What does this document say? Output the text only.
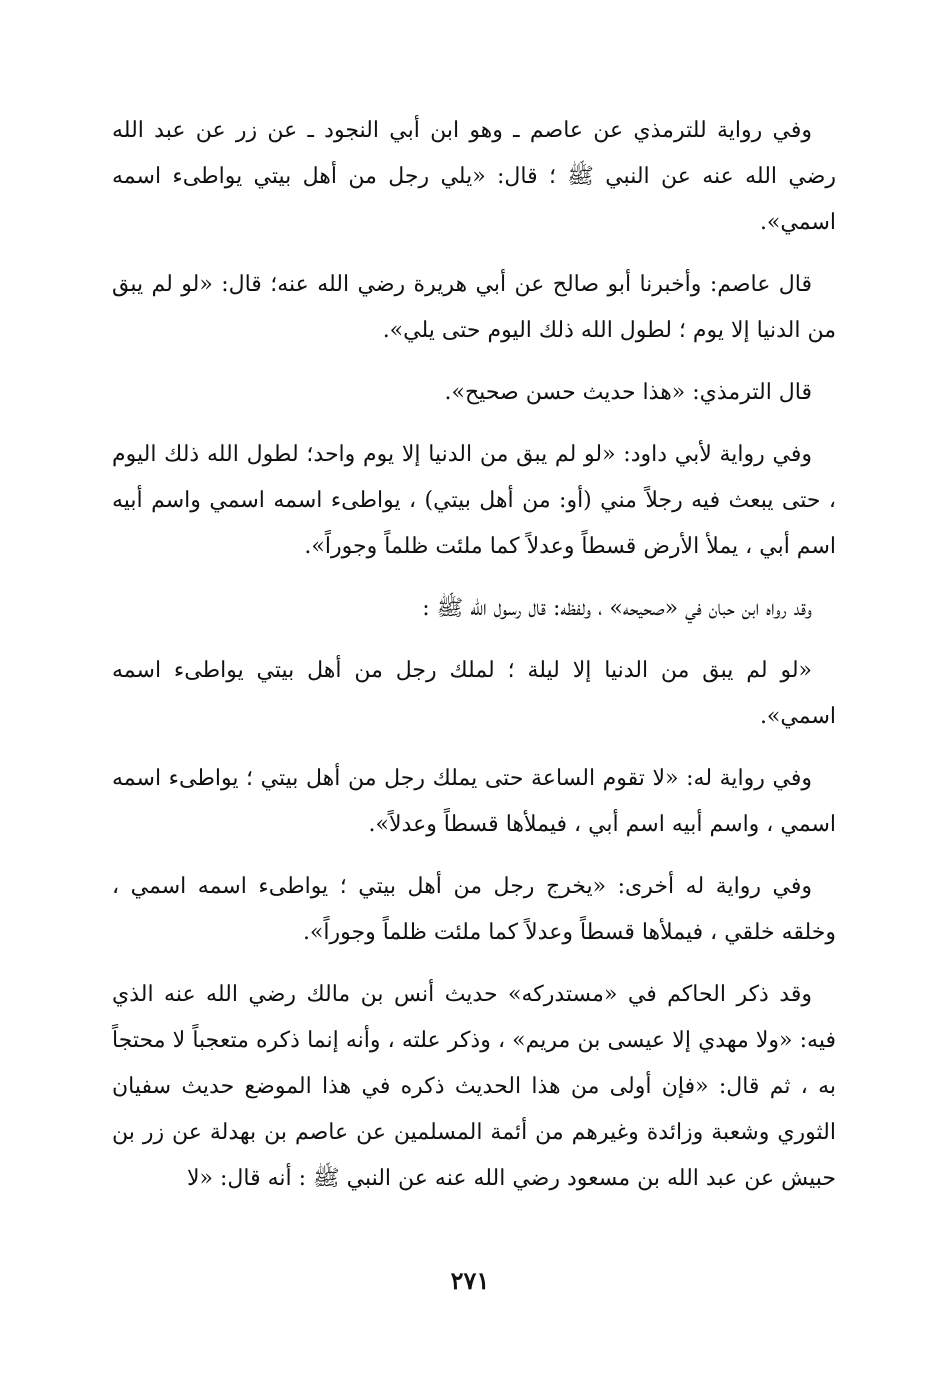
وفي رواية للترمذي عن عاصم ـ وهو ابن أبي النجود ـ عن زر عن عبد الله رضي الله عنه عن النبي ﷺ ؛ قال: «يلي رجل من أهل بيتي يواطىء اسمه اسمي».

قال عاصم: وأخبرنا أبو صالح عن أبي هريرة رضي الله عنه؛ قال: «لو لم يبق من الدنيا إلا يوم ؛ لطول الله ذلك اليوم حتى يلي».

قال الترمذي: «هذا حديث حسن صحيح».

وفي رواية لأبي داود: «لو لم يبق من الدنيا إلا يوم واحد؛ لطول الله ذلك اليوم ، حتى يبعث فيه رجلاً مني (أو: من أهل بيتي) ، يواطىء اسمه اسمي واسم أبيه اسم أبي ، يملأ الأرض قسطاً وعدلاً كما ملئت ظلماً وجوراً».

وقد رواه ابن حبان في «صحيحه» ، ولفظه: قال رسول الله ﷺ :

«لو لم يبق من الدنيا إلا ليلة ؛ لملك رجل من أهل بيتي يواطىء اسمه اسمي».

وفي رواية له: «لا تقوم الساعة حتى يملك رجل من أهل بيتي ؛ يواطىء اسمه اسمي ، واسم أبيه اسم أبي ، فيملأها قسطاً وعدلاً».

وفي رواية له أخرى: «يخرج رجل من أهل بيتي ؛ يواطىء اسمه اسمي ، وخلقه خلقي ، فيملأها قسطاً وعدلاً كما ملئت ظلماً وجوراً».

وقد ذكر الحاكم في «مستدركه» حديث أنس بن مالك رضي الله عنه الذي فيه: «ولا مهدي إلا عيسى بن مريم» ، وذكر علته ، وأنه إنما ذكره متعجباً لا محتجاً به ، ثم قال: «فإن أولى من هذا الحديث ذكره في هذا الموضع حديث سفيان الثوري وشعبة وزائدة وغيرهم من أئمة المسلمين عن عاصم بن بهدلة عن زر بن حبيش عن عبد الله بن مسعود رضي الله عنه عن النبي ﷺ : أنه قال: «لا

٢٧١
